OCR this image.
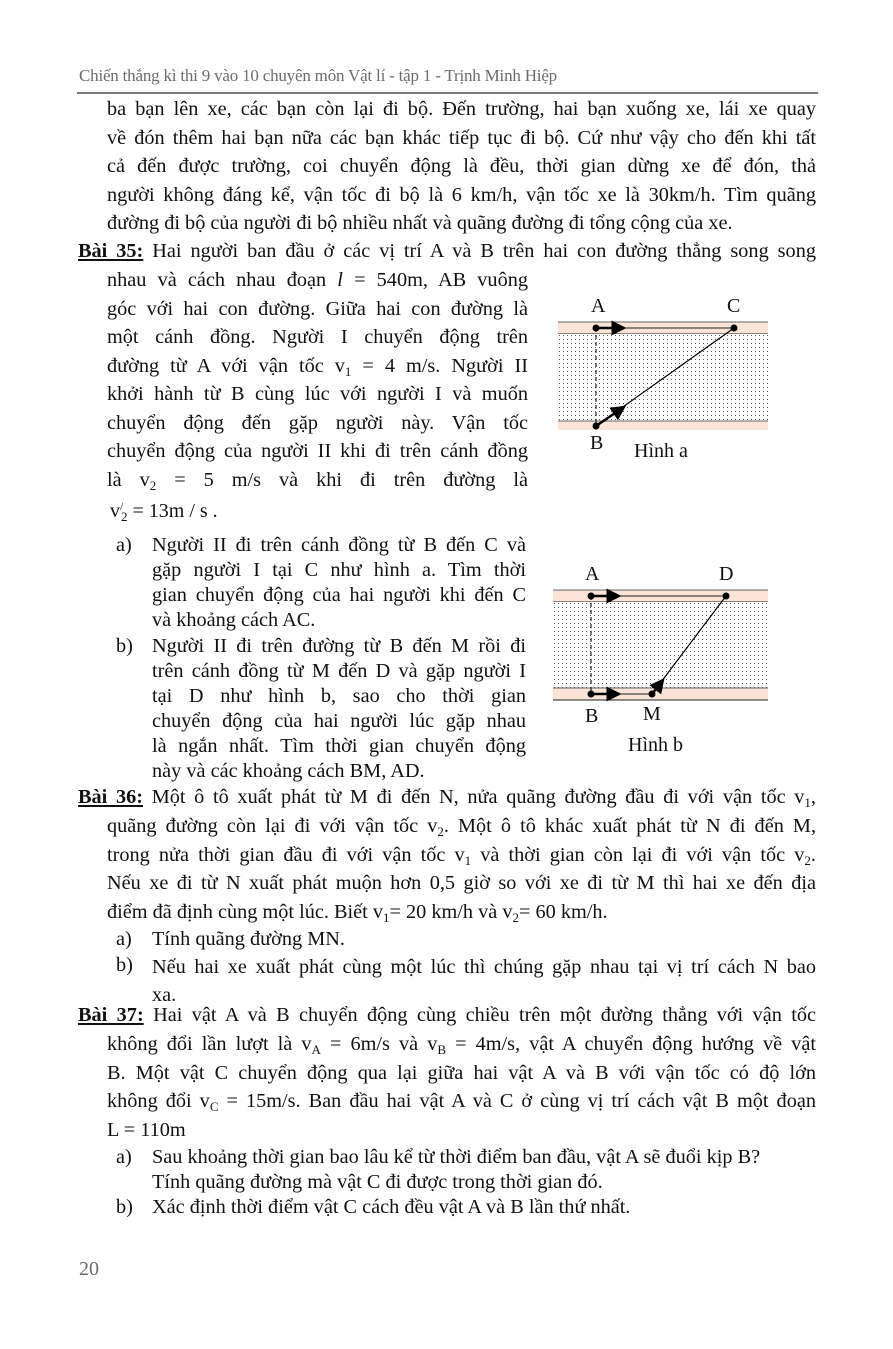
Chiến thắng kì thi 9 vào 10 chuyên môn Vật lí - tập 1 - Trịnh Minh Hiệp
ba bạn lên xe, các bạn còn lại đi bộ. Đến trường, hai bạn xuống xe, lái xe quay
về đón thêm hai bạn nữa các bạn khác tiếp tục đi bộ. Cứ như vậy cho đến khi tất
cả đến được trường, coi chuyển động là đều, thời gian dừng xe để đón, thả
người không đáng kể, vận tốc đi bộ là 6 km/h, vận tốc xe là 30km/h. Tìm quãng
đường đi bộ của người đi bộ nhiều nhất và quãng đường đi tổng cộng của xe.
Bài 35: Hai người ban đầu ở các vị trí A và B trên hai con đường thẳng song song
nhau và cách nhau đoạn l = 540m, AB vuông
góc với hai con đường. Giữa hai con đường là
một cánh đồng. Người I chuyển động trên
đường từ A với vận tốc $v_1 = 4$ m/s. Người II
khởi hành từ B cùng lúc với người I và muốn
chuyển động đến gặp người này. Vận tốc
chuyển động của người II khi đi trên cánh đồng
là $v_2 = 5$ m/s và khi đi trên đường là
v /
$_2$ = 13m / s .
a) Người II đi trên cánh đồng từ B đến C và
gặp người I tại C như hình a. Tìm thời
gian chuyển động của hai người khi đến C
và khoảng cách AC.
b) Người II đi trên đường từ B đến M rồi đi
trên cánh đồng từ M đến D và gặp người I
tại D như hình b, sao cho thời gian
chuyển động của hai người lúc gặp nhau
là ngắn nhất. Tìm thời gian chuyển động
này và các khoảng cách BM, AD.
A	C
B Hình a
A	D
B M
Hình b
Bài 36: Một ô tô xuất phát từ M đi đến N, nửa quãng đường đầu đi với vận tốc $v_1$,
quãng đường còn lại đi với vận tốc $v_2$. Một ô tô khác xuất phát từ N đi đến M,
trong nửa thời gian đầu đi với vận tốc $v_1$ và thời gian còn lại đi với vận tốc $v_2$.
Nếu xe đi từ N xuất phát muộn hơn 0,5 giờ so với xe đi từ M thì hai xe đến địa
điểm đã định cùng một lúc. Biết $v_1= 20$ km/h và $v_2= 60$ km/h.
a) Tính quãng đường MN.
b) Nếu hai xe xuất phát cùng một lúc thì chúng gặp nhau tại vị trí cách N bao
xa.
Bài 37: Hai vật A và B chuyển động cùng chiều trên một đường thẳng với vận tốc
không đổi lần lượt là $v_A = 6m/s$ và $v_B = 4m/s$, vật A chuyển động hướng về vật
B. Một vật C chuyển động qua lại giữa hai vật A và B với vận tốc có độ lớn
không đổi $v_C = 15m/s$. Ban đầu hai vật A và C ở cùng vị trí cách vật B một đoạn
L = 110m
a) Sau khoảng thời gian bao lâu kể từ thời điểm ban đầu, vật A sẽ đuổi kịp B?
Tính quãng đường mà vật C đi được trong thời gian đó.
b) Xác định thời điểm vật C cách đều vật A và B lần thứ nhất.
20
